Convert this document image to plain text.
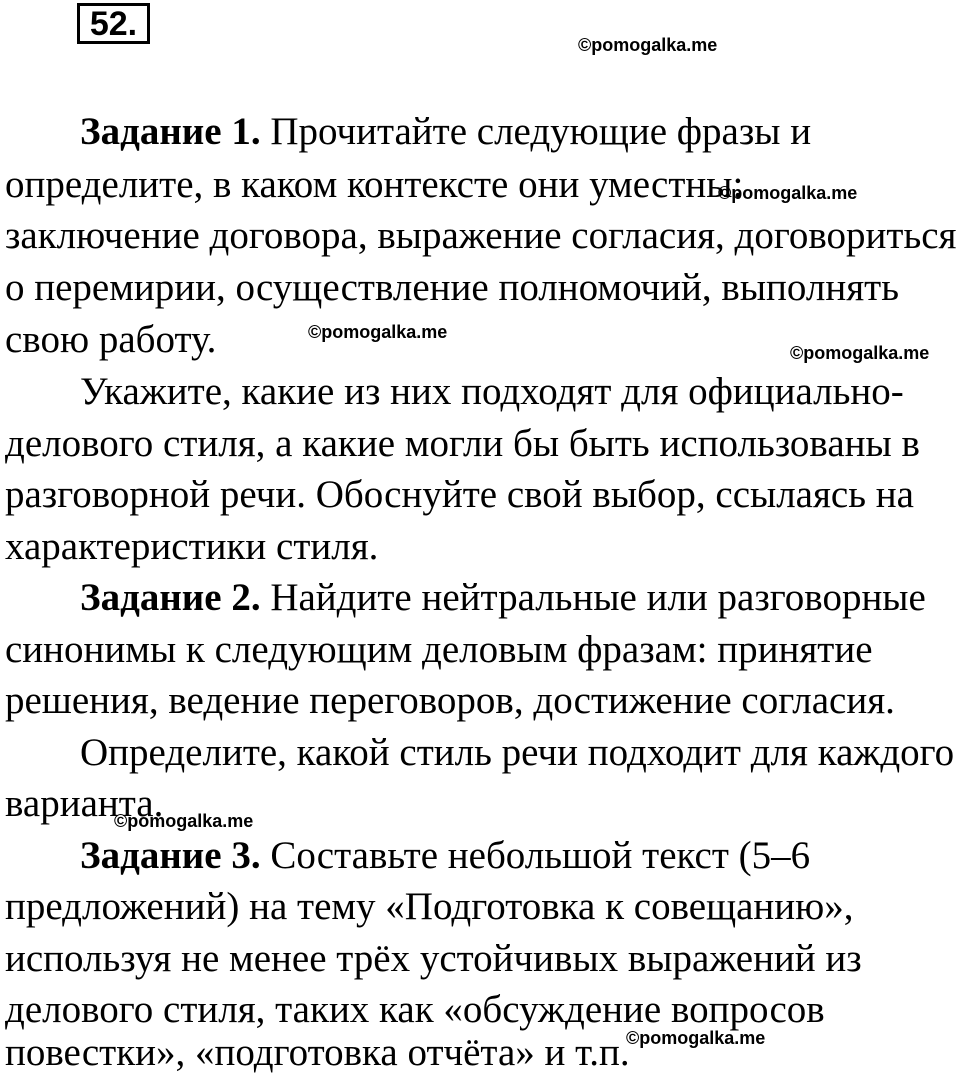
52.
©pomogalka.me
Задание 1. Прочитайте следующие фразы и
определите, в каком контексте они уместны:
©pomogalka.me
заключение договора, выражение согласия, договориться
о перемирии, осуществление полномочий, выполнять
свою работу.	©pomogalka.me
©pomogalka.me
Укажите, какие из них подходят для официально-
делового стиля, а какие могли бы быть использованы в
разговорной речи. Обоснуйте свой выбор, ссылаясь на
характеристики стиля.
Задание 2. Найдите нейтральные или разговорные
синонимы к следующим деловым фразам: принятие
решения, ведение переговоров, достижение согласия.
Определите, какой стиль речи подходит для каждого
варианта.
©pomogalka.me
Задание 3. Составьте небольшой текст (5–6
предложений) на тему «Подготовка к совещанию»,
используя не менее трёх устойчивых выражений из
делового стиля, таких как «обсуждение вопросов
©pomogalka.me
повестки», «подготовка отчёта» и т.п.
